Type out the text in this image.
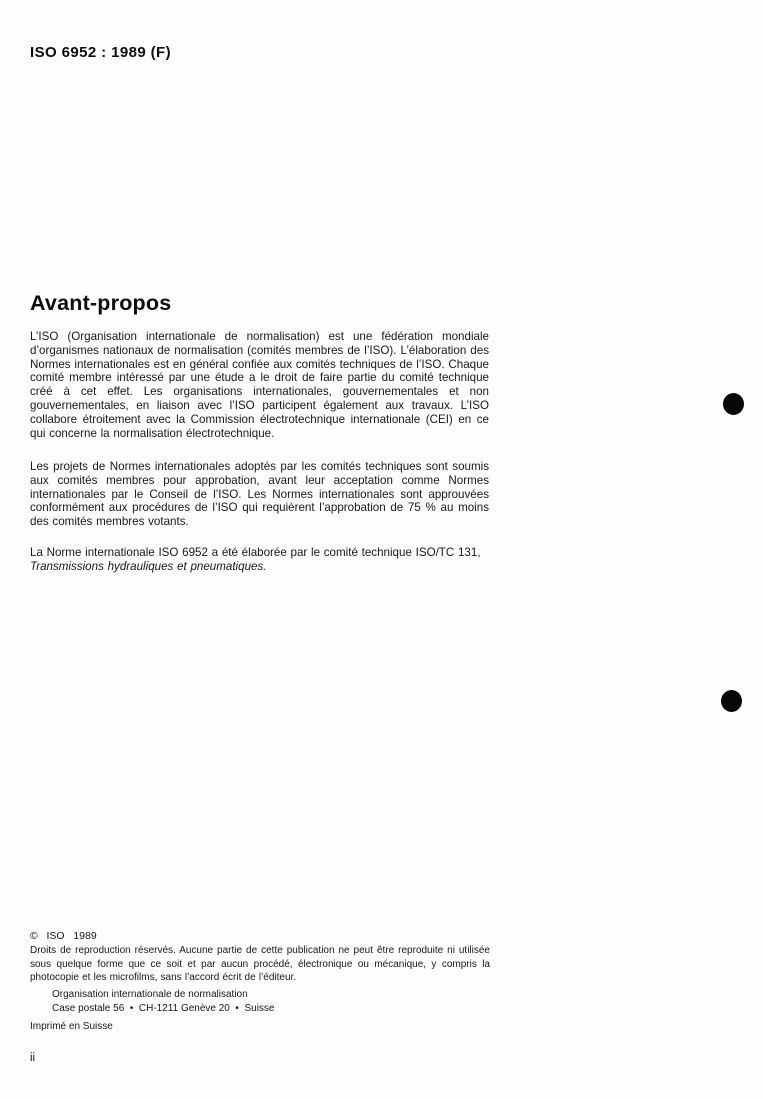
ISO 6952 : 1989 (F)
Avant-propos

L’ISO (Organisation internationale de normalisation) est une fédération mondiale d’organismes nationaux de normalisation (comités membres de l’ISO). L’élaboration des Normes internationales est en général confiée aux comités techniques de l’ISO. Chaque comité membre intéressé par une étude a le droit de faire partie du comité technique créé à cet effet. Les organisations internationales, gouvernementales et non gouvernementales, en liaison avec l’ISO participent également aux travaux. L’ISO collabore étroitement avec la Commission électrotechnique internationale (CEI) en ce qui concerne la normalisation électrotechnique.

Les projets de Normes internationales adoptés par les comités techniques sont soumis aux comités membres pour approbation, avant leur acceptation comme Normes internationales par le Conseil de l’ISO. Les Normes internationales sont approuvées conformément aux procédures de l’ISO qui requièrent l’approbation de 75 % au moins des comités membres votants.

La Norme internationale ISO 6952 a été élaborée par le comité technique ISO/TC 131,
Transmissions hydrauliques et pneumatiques.

©   ISO   1989

Droits de reproduction réservés. Aucune partie de cette publication ne peut être reproduite ni utilisée sous quelque forme que ce soit et par aucun procédé, électronique ou mécanique, y compris la photocopie et les microfilms, sans l’accord écrit de l’éditeur.

Organisation internationale de normalisation
Case postale 56  •  CH-1211 Genève 20  •  Suisse
Imprimé en Suisse
ii
